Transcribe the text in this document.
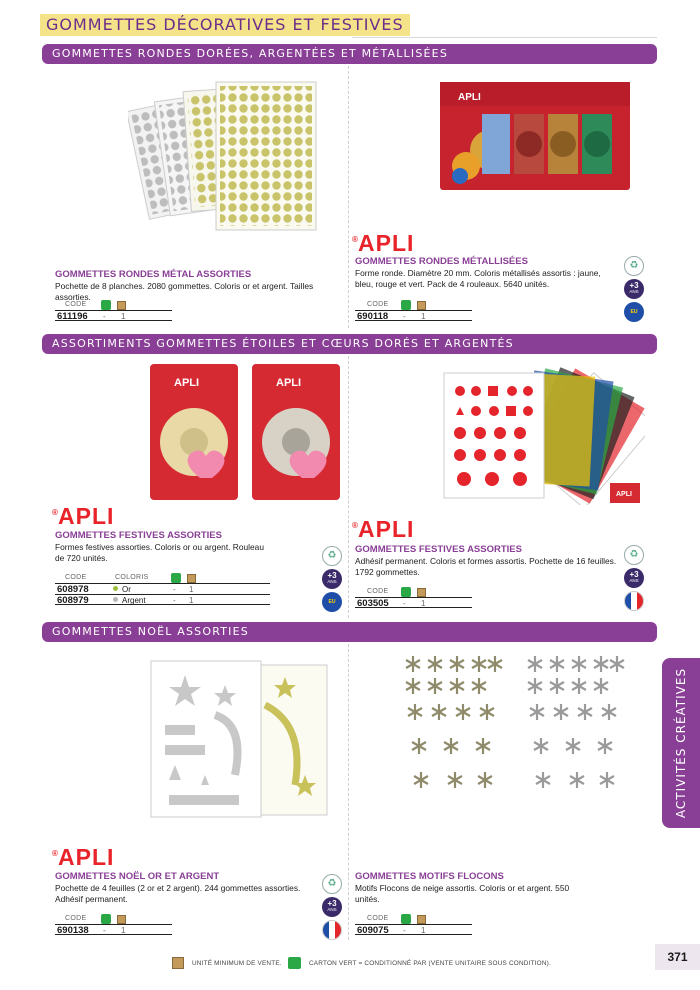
GOMMETTES DÉCORATIVES ET FESTIVES
GOMMETTES RONDES DORÉES, ARGENTÉES ET MÉTALLISÉES
ASSORTIMENTS GOMMETTES ÉTOILES ET CŒURS DORÉS ET ARGENTÉS
GOMMETTES NOËL ASSORTIES
APLI
® APLI
GOMMETTES RONDES MÉTAL ASSORTIES
Pochette de 8 planches. 2080 gommettes. Coloris or et argent. Tailles assorties.
CODE
611196 - 1
GOMMETTES RONDES MÉTALLISÉES
Forme ronde. Diamètre 20 mm. Coloris métallisés assortis : jaune, bleu, rouge et vert. Pack de 4 rouleaux. 5640 unités.
CODE
690118 - 1
♻
+3
ANS
EU
APLI	APLI
® APLI
APLI
® APLI
GOMMETTES FESTIVES ASSORTIES
Formes festives assorties. Coloris or ou argent. Rouleau de 720 unités.
CODE	COLORIS
608978	Or	- 1
608979	Argent	- 1
♻
+3
ANS
EU
GOMMETTES FESTIVES ASSORTIES
Adhésif permanent. Coloris et formes assortis. Pochette de 16 feuilles. 1792 gommettes.
CODE
603505 - 1
♻
+3
ANS
® APLI
GOMMETTES NOËL OR ET ARGENT
Pochette de 4 feuilles (2 or et 2 argent). 244 gommettes assorties. Adhésif permanent.
CODE
690138 - 1
♻
+3
ANS
GOMMETTES MOTIFS FLOCONS
Motifs Flocons de neige assortis. Coloris or et argent. 550 unités.
CODE
609075 - 1
ACTIVITÉS CRÉATIVES
UNITÉ MINIMUM DE VENTE.	CARTON VERT = CONDITIONNÉ PAR (VENTE UNITAIRE SOUS CONDITION).	371
